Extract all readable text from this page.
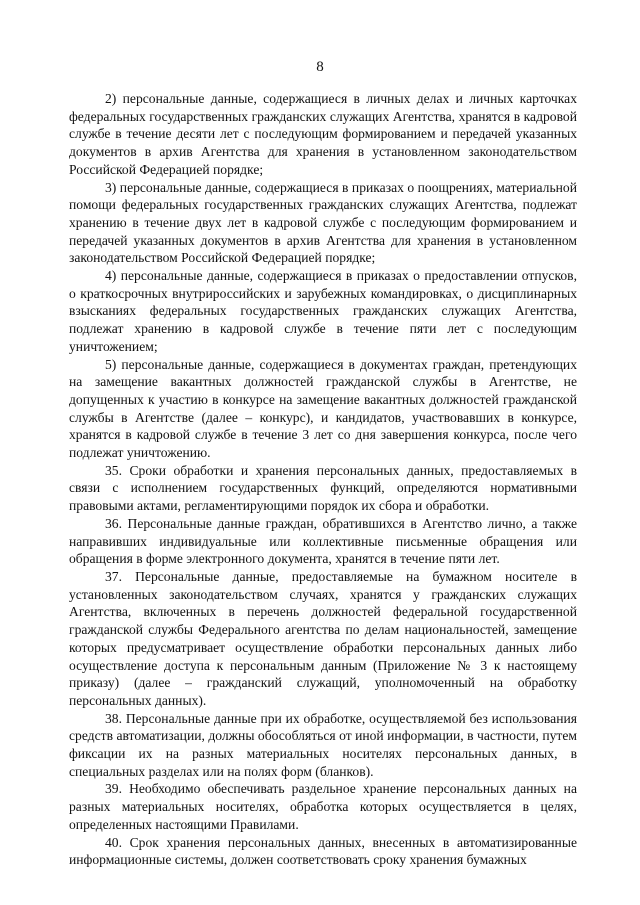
8

2) персональные данные, содержащиеся в личных делах и личных карточках федеральных государственных гражданских служащих Агентства, хранятся в кадровой службе в течение десяти лет с последующим формированием и передачей указанных документов в архив Агентства для хранения в установленном законодательством Российской Федерацией порядке;

3) персональные данные, содержащиеся в приказах о поощрениях, материальной помощи федеральных государственных гражданских служащих Агентства, подлежат хранению в течение двух лет в кадровой службе с последующим формированием и передачей указанных документов в архив Агентства для хранения в установленном законодательством Российской Федерацией порядке;

4) персональные данные, содержащиеся в приказах о предоставлении отпусков, о краткосрочных внутрироссийских и зарубежных командировках, о дисциплинарных взысканиях федеральных государственных гражданских служащих Агентства, подлежат хранению в кадровой службе в течение пяти лет с последующим уничтожением;

5) персональные данные, содержащиеся в документах граждан, претендующих на замещение вакантных должностей гражданской службы в Агентстве, не допущенных к участию в конкурсе на замещение вакантных должностей гражданской службы в Агентстве (далее – конкурс), и кандидатов, участвовавших в конкурсе, хранятся в кадровой службе в течение 3 лет со дня завершения конкурса, после чего подлежат уничтожению.

35. Сроки обработки и хранения персональных данных, предоставляемых в связи с исполнением государственных функций, определяются нормативными правовыми актами, регламентирующими порядок их сбора и обработки.

36. Персональные данные граждан, обратившихся в Агентство лично, а также направивших индивидуальные или коллективные письменные обращения или обращения в форме электронного документа, хранятся в течение пяти лет.

37. Персональные данные, предоставляемые на бумажном носителе в установленных законодательством случаях, хранятся у гражданских служащих Агентства, включенных в перечень должностей федеральной государственной гражданской службы Федерального агентства по делам национальностей, замещение которых предусматривает осуществление обработки персональных данных либо осуществление доступа к персональным данным (Приложение № 3 к настоящему приказу) (далее – гражданский служащий, уполномоченный на обработку персональных данных).

38. Персональные данные при их обработке, осуществляемой без использования средств автоматизации, должны обособляться от иной информации, в частности, путем фиксации их на разных материальных носителях персональных данных, в специальных разделах или на полях форм (бланков).

39. Необходимо обеспечивать раздельное хранение персональных данных на разных материальных носителях, обработка которых осуществляется в целях, определенных настоящими Правилами.

40. Срок хранения персональных данных, внесенных в автоматизированные информационные системы, должен соответствовать сроку хранения бумажных
